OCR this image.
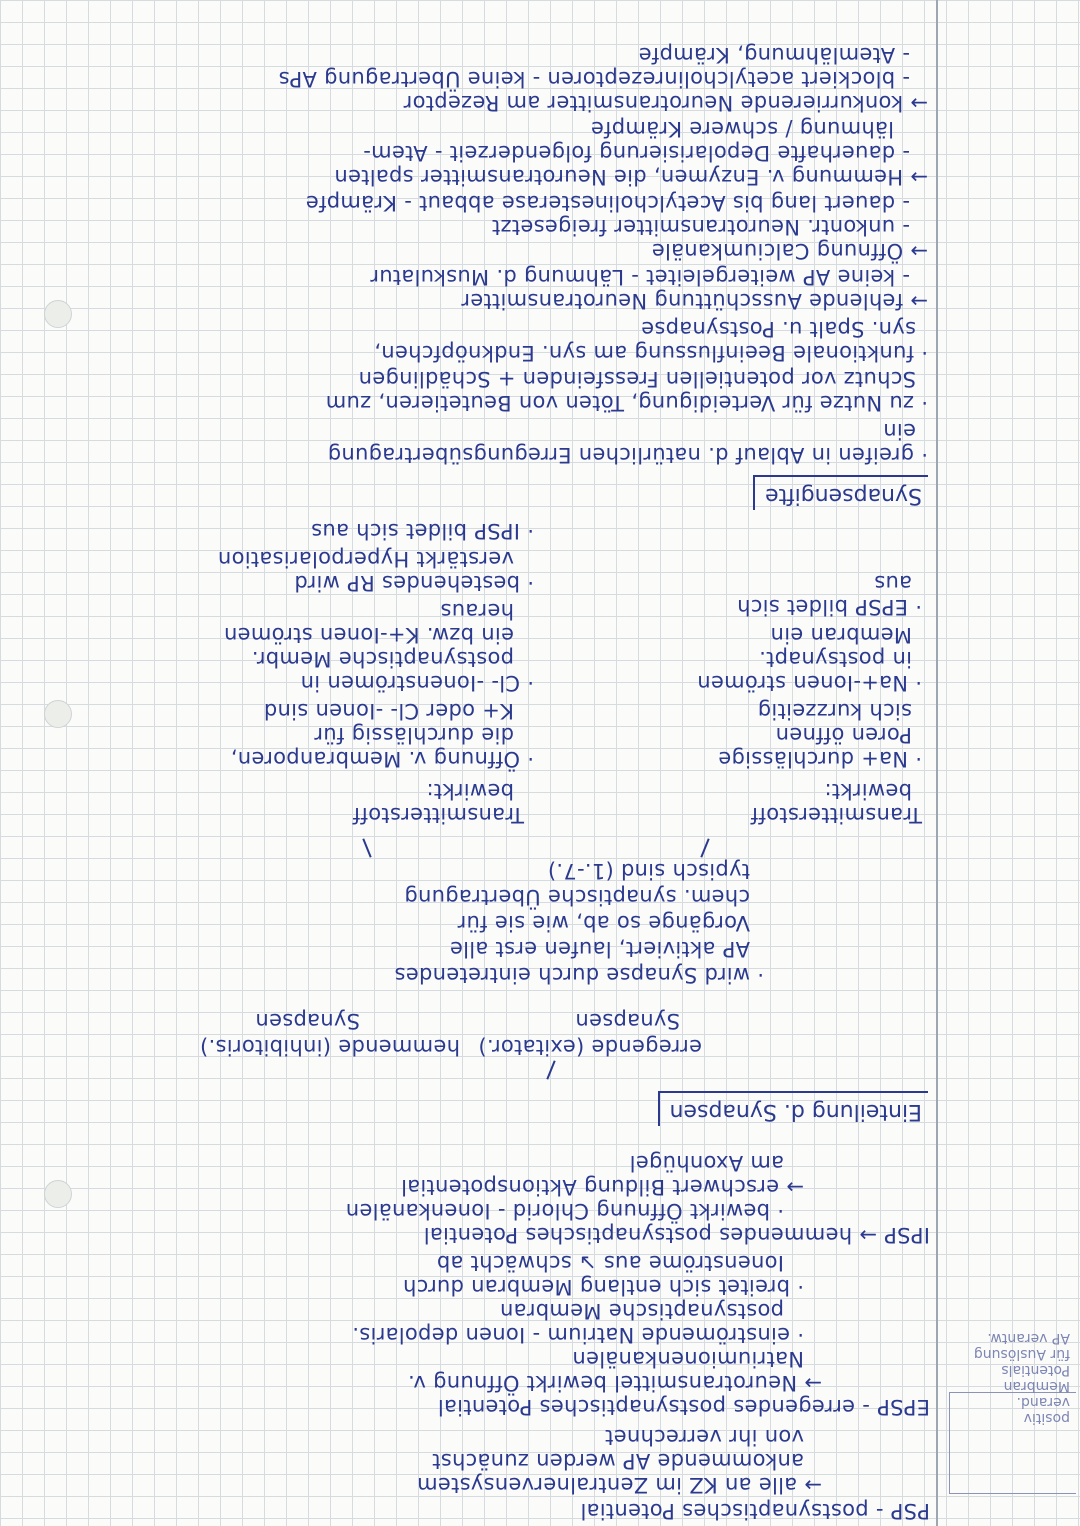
positiv
verand.
Membran
Potentials
für Auslösung
AP verantw.
PSP - postsynaptisches Potential
→ alle an KZ im Zentralnervensystem
ankommende AP werden zunächst
von ihr verrechnet
EPSP - erregendes postsynaptisches Potential
→ Neurotransmittel bewirkt Öffnung v.
Natriumionenkanälen
· einströmende Natrium - Ionen depolaris.
postsynaptische Membran
· breitet sich entlang Membran durch
Ionenströme aus ↘ schwächt ab
IPSP → hemmendes postsynaptisches Potential
· bewirkt Öffnung Chlorid - Ionenkanälen
→ erschwert Bildung Aktionspotential
am Axonhügel
Einteilung d. Synapsen
erregende (exitator.)
Synapsen
hemmende (inhibitoris.)
Synapsen
· wird Synapse durch eintretendes
AP aktiviert, laufen erst alle
Vorgänge so ab, wie sie für
chem. synaptische Übertragung
typisch sind (1.-7.)
Transmitterstoff
bewirkt:
· Na+ durchlässige
Poren öffnen
sich kurzzeitig
· Na+-Ionen strömen
in postsynapt.
Membran ein
· EPSP bildet sich
aus
Transmitterstoff
bewirkt:
· Öffnung v. Membranporen,
die durchlässig für
K+ oder Cl- -Ionen sind
· Cl- -Ionenströmen in
postsynaptische Membr.
ein bzw. K+-Ionen strömen
heraus
· bestehendes RP wird
verstärkt Hyperpolarisation
· IPSP bildet sich aus
Synapsengifte
· greifen in Ablauf d. natürlichen Erregungsübertragung
ein
· zu Nutze für Verteidigung, Töten von Beutetieren, zum
Schutz vor potentiellen Fressfeinden + Schädlingen
· funktionale Beeinflussung am syn. Endknöpfchen,
syn. Spalt u. Postsynapse
→ fehlende Ausschüttung Neurotransmitter
- keine AP weitergeleitet - Lähmung d. Muskulatur
→ Öffnung Calciumkanäle
- unkontr. Neurotransmitter freigesetzt
- dauert lang bis Acetylcholinesterase abbaut - Krämpfe
→ Hemmung v. Enzymen, die Neurotransmitter spalten
- dauerhafte Depolarisierung folgenderzeit - Atem-
lähmung / schwere Krämpfe
→ konkurrierende Neurotransmitter am Rezeptor
- blockiert acetylcholinrezeptoren - keine Übertragung APs
- Atemlähmung, Krämpfe
